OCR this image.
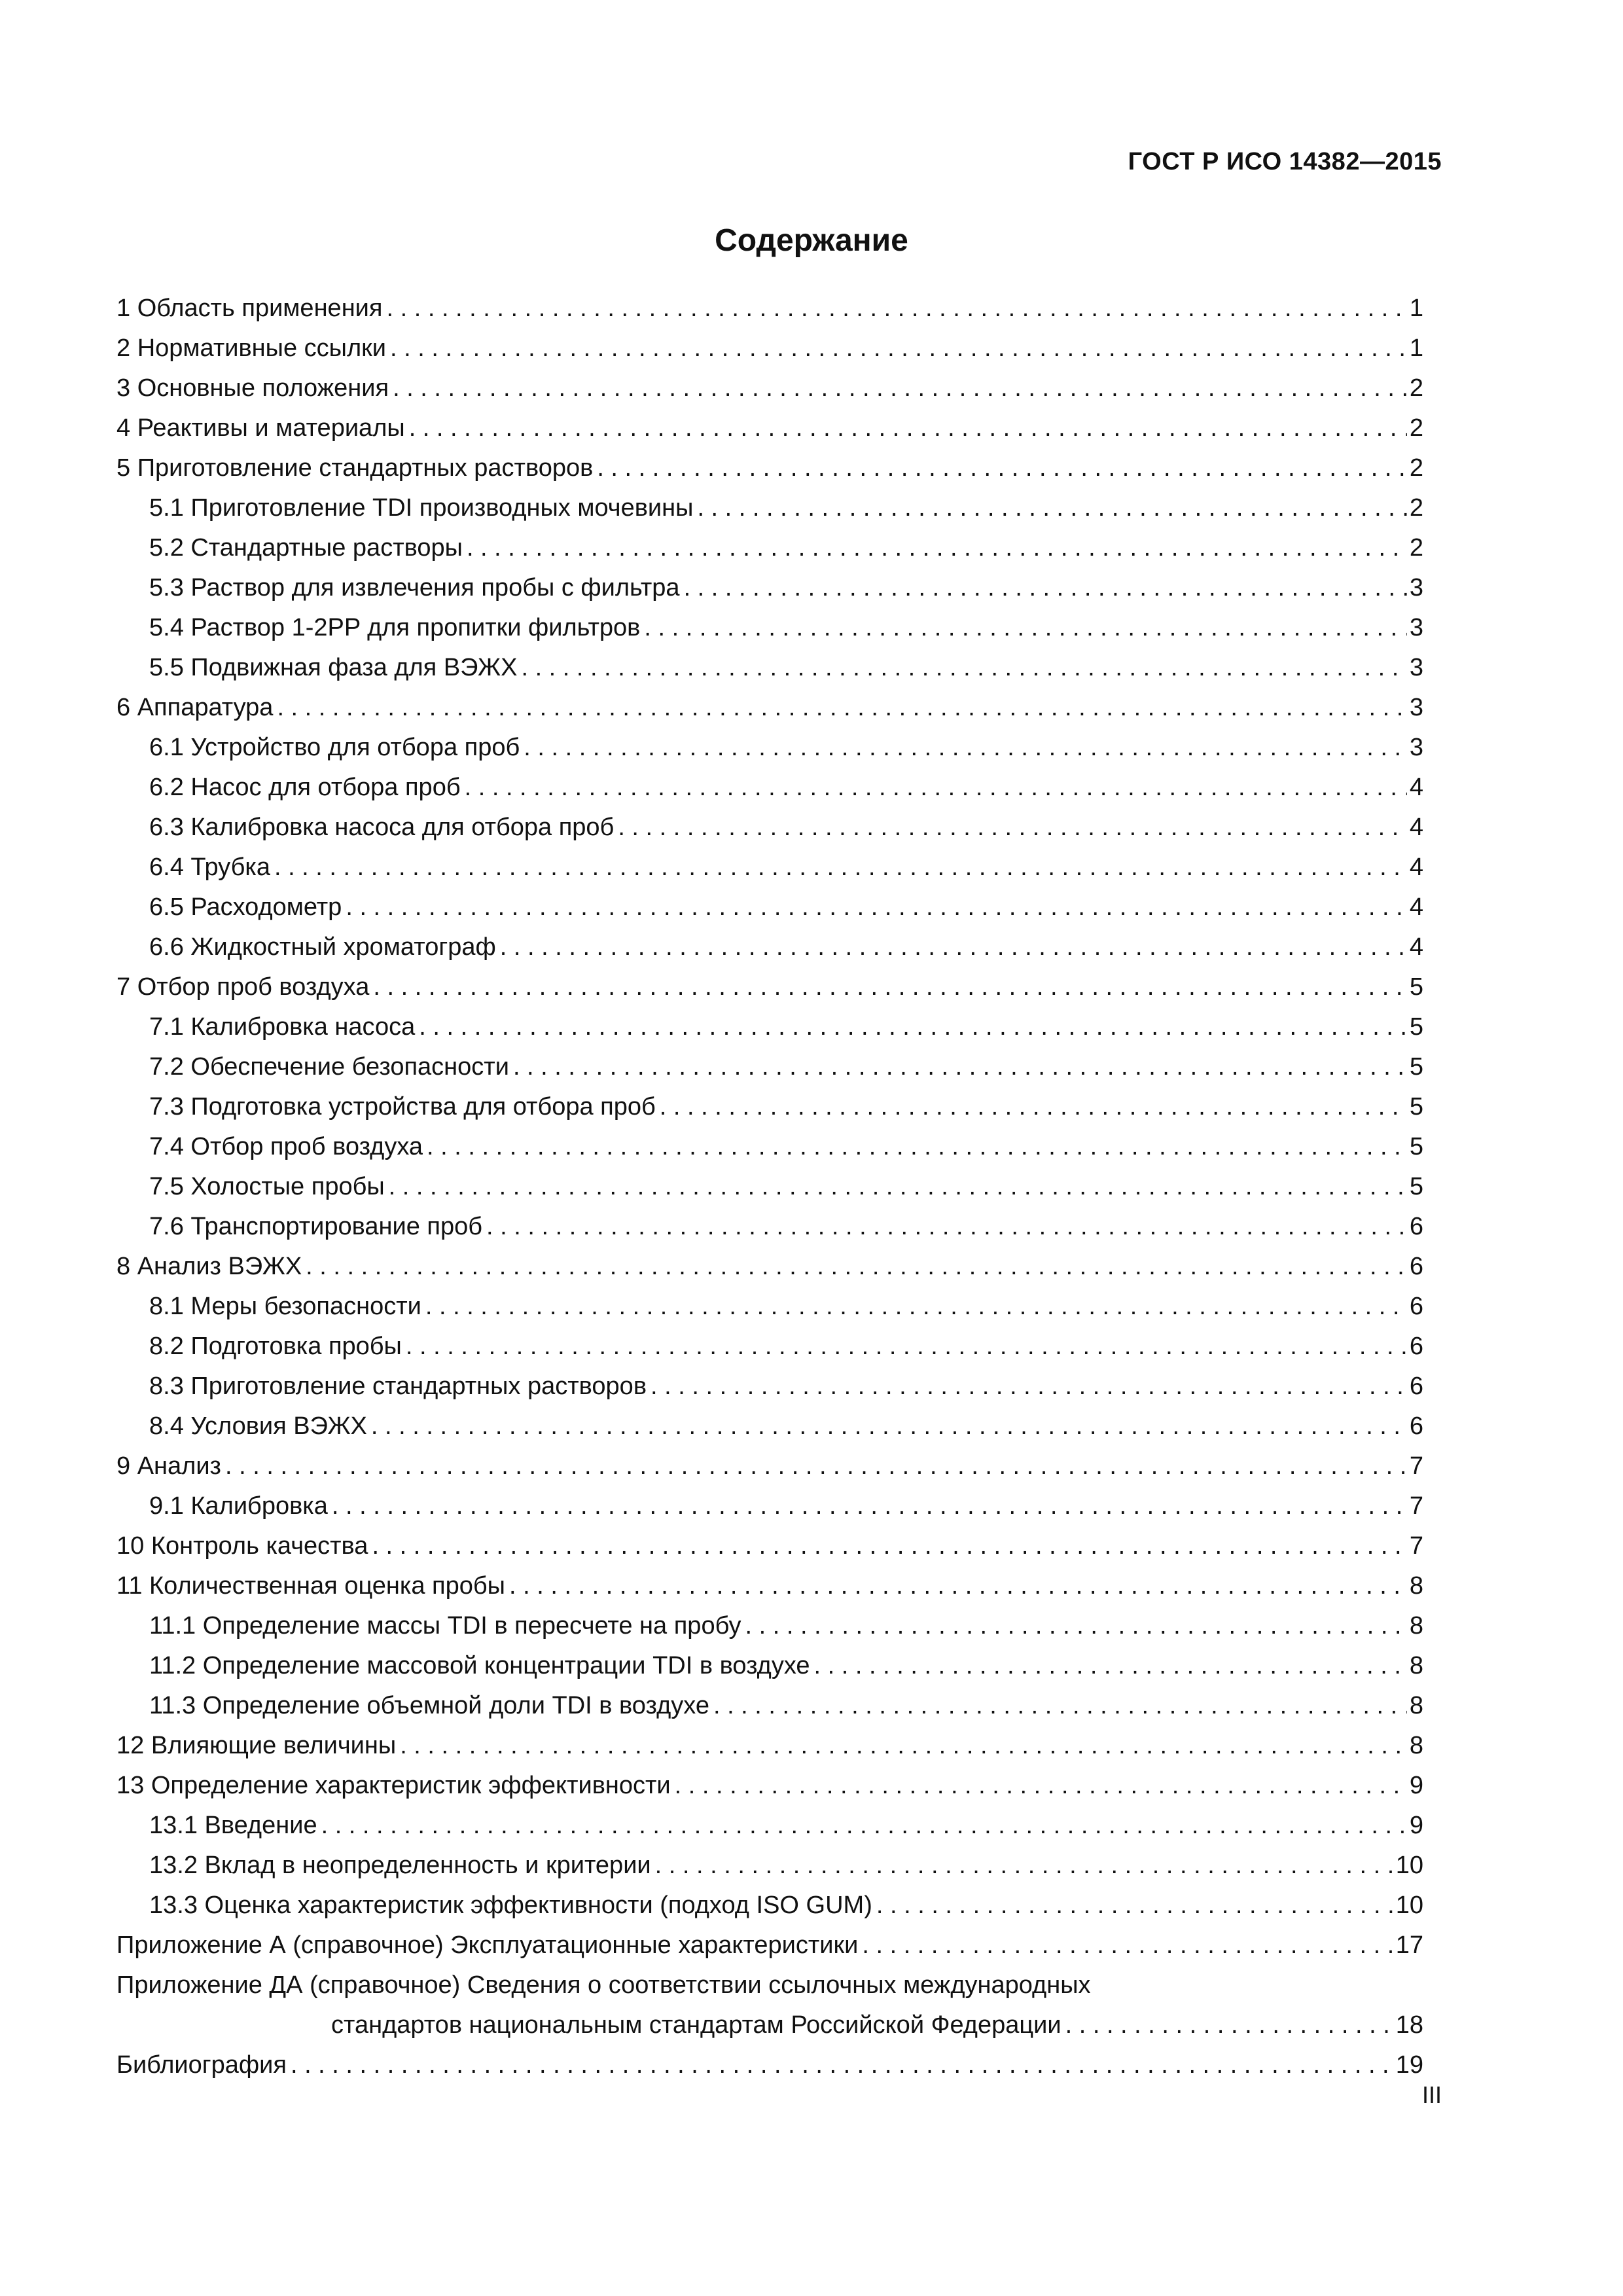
ГОСТ Р ИСО 14382—2015
Содержание
1 Область применения . . .	1
2 Нормативные ссылки . . .	1
3 Основные положения . . .	2
4 Реактивы и материалы . . .	2
5 Приготовление стандартных растворов . . .	2
5.1 Приготовление TDI производных мочевины . . .	2
5.2 Стандартные растворы . . .	2
5.3 Раствор для извлечения пробы с фильтра . . .	3
5.4 Раствор 1-2PP для пропитки фильтров . . .	3
5.5 Подвижная фаза для ВЭЖХ . . .	3
6 Аппаратура . . .	3
6.1 Устройство для отбора проб . . .	3
6.2 Насос для отбора проб . . .	4
6.3 Калибровка насоса для отбора проб . . .	4
6.4 Трубка . . .	4
6.5 Расходометр . . .	4
6.6 Жидкостный хроматограф . . .	4
7 Отбор проб воздуха . . .	5
7.1 Калибровка насоса . . .	5
7.2 Обеспечение безопасности . . .	5
7.3 Подготовка устройства для отбора проб . . .	5
7.4 Отбор проб воздуха . . .	5
7.5 Холостые пробы . . .	5
7.6 Транспортирование проб . . .	6
8 Анализ ВЭЖХ . . .	6
8.1 Меры безопасности . . .	6
8.2 Подготовка пробы . . .	6
8.3 Приготовление стандартных растворов . . .	6
8.4 Условия ВЭЖХ . . .	6
9 Анализ . . .	7
9.1 Калибровка . . .	7
10 Контроль качества . . .	7
11 Количественная оценка пробы . . .	8
11.1 Определение массы TDI в пересчете на пробу . . .	8
11.2 Определение массовой концентрации TDI в воздухе . . .	8
11.3 Определение объемной доли TDI в воздухе . . .	8
12 Влияющие величины . . .	8
13 Определение характеристик эффективности . . .	9
13.1 Введение . . .	9
13.2 Вклад в неопределенность и критерии . . .	10
13.3 Оценка характеристик эффективности (подход ISO GUM) . . .	10
Приложение А (справочное) Эксплуатационные характеристики . . .	17
Приложение ДА (справочное) Сведения о соответствии ссылочных международных
стандартов национальным стандартам Российской Федерации . . .	18
Библиография . . .	19
III
